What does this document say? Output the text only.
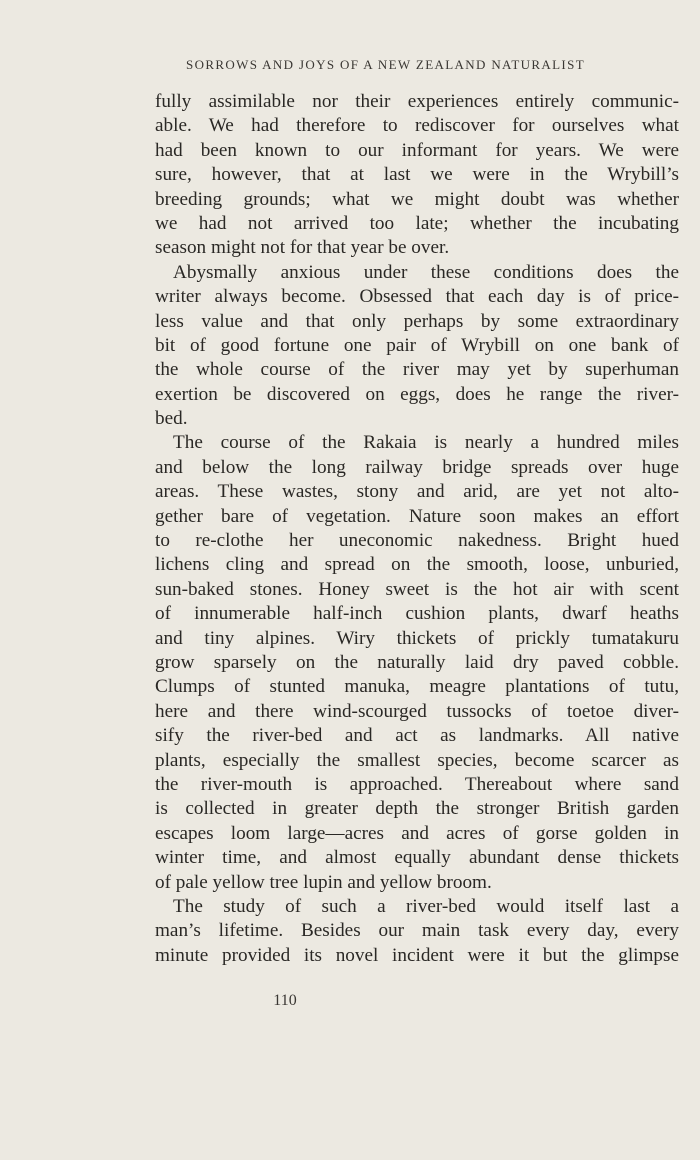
SORROWS AND JOYS OF A NEW ZEALAND NATURALIST
fully assimilable nor their experiences entirely communic-
able. We had therefore to rediscover for ourselves what
had been known to our informant for years. We were
sure, however, that at last we were in the Wrybill’s
breeding grounds; what we might doubt was whether
we had not arrived too late; whether the incubating
season might not for that year be over.
Abysmally anxious under these conditions does the
writer always become. Obsessed that each day is of price-
less value and that only perhaps by some extraordinary
bit of good fortune one pair of Wrybill on one bank of
the whole course of the river may yet by superhuman
exertion be discovered on eggs, does he range the river-
bed.
The course of the Rakaia is nearly a hundred miles
and below the long railway bridge spreads over huge
areas. These wastes, stony and arid, are yet not alto-
gether bare of vegetation. Nature soon makes an effort
to re-clothe her uneconomic nakedness. Bright hued
lichens cling and spread on the smooth, loose, unburied,
sun-baked stones. Honey sweet is the hot air with scent
of innumerable half-inch cushion plants, dwarf heaths
and tiny alpines. Wiry thickets of prickly tumatakuru
grow sparsely on the naturally laid dry paved cobble.
Clumps of stunted manuka, meagre plantations of tutu,
here and there wind-scourged tussocks of toetoe diver-
sify the river-bed and act as landmarks. All native
plants, especially the smallest species, become scarcer as
the river-mouth is approached. Thereabout where sand
is collected in greater depth the stronger British garden
escapes loom large—acres and acres of gorse golden in
winter time, and almost equally abundant dense thickets
of pale yellow tree lupin and yellow broom.
The study of such a river-bed would itself last a
man’s lifetime. Besides our main task every day, every
minute provided its novel incident were it but the glimpse
110
